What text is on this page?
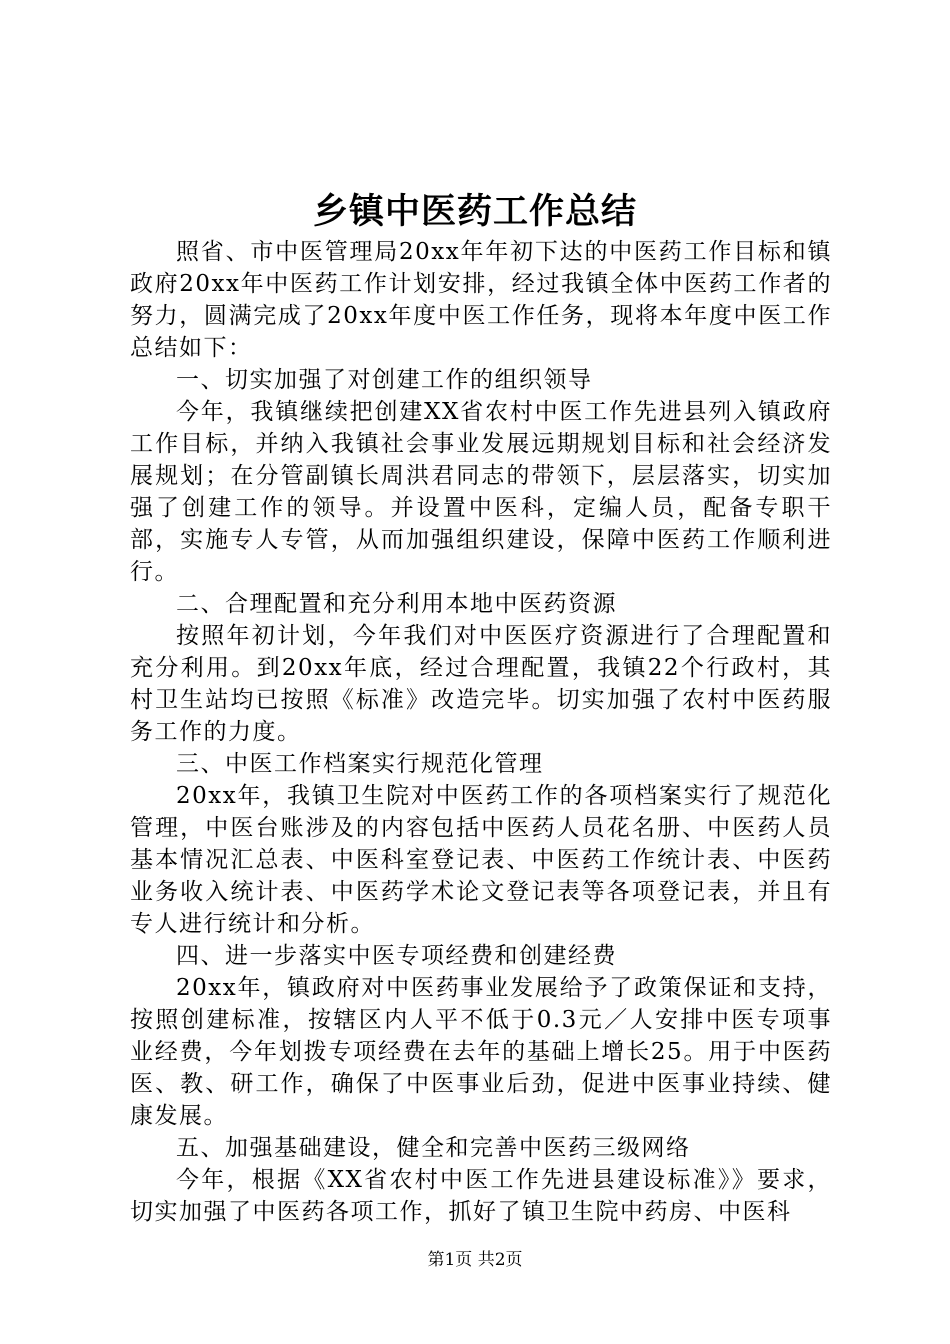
乡镇中医药工作总结

照省、市中医管理局20xx年年初下达的中医药工作目标和镇政府20xx年中医药工作计划安排，经过我镇全体中医药工作者的努力，圆满完成了20xx年度中医工作任务，现将本年度中医工作总结如下：

一、切实加强了对创建工作的组织领导

今年，我镇继续把创建XX省农村中医工作先进县列入镇政府工作目标，并纳入我镇社会事业发展远期规划目标和社会经济发展规划；在分管副镇长周洪君同志的带领下，层层落实，切实加强了创建工作的领导。并设置中医科，定编人员，配备专职干部，实施专人专管，从而加强组织建设，保障中医药工作顺利进行。

二、合理配置和充分利用本地中医药资源

按照年初计划，今年我们对中医医疗资源进行了合理配置和充分利用。到20xx年底，经过合理配置，我镇22个行政村，其村卫生站均已按照《标准》改造完毕。切实加强了农村中医药服务工作的力度。

三、中医工作档案实行规范化管理

20xx年，我镇卫生院对中医药工作的各项档案实行了规范化管理，中医台账涉及的内容包括中医药人员花名册、中医药人员基本情况汇总表、中医科室登记表、中医药工作统计表、中医药业务收入统计表、中医药学术论文登记表等各项登记表，并且有专人进行统计和分析。

四、进一步落实中医专项经费和创建经费

20xx年，镇政府对中医药事业发展给予了政策保证和支持，按照创建标准，按辖区内人平不低于0.3元／人安排中医专项事业经费，今年划拨专项经费在去年的基础上增长25。用于中医药医、教、研工作，确保了中医事业后劲，促进中医事业持续、健康发展。

五、加强基础建设，健全和完善中医药三级网络

今年，根据《XX省农村中医工作先进县建设标准》》要求，切实加强了中医药各项工作，抓好了镇卫生院中药房、中医科

第1页 共2页
